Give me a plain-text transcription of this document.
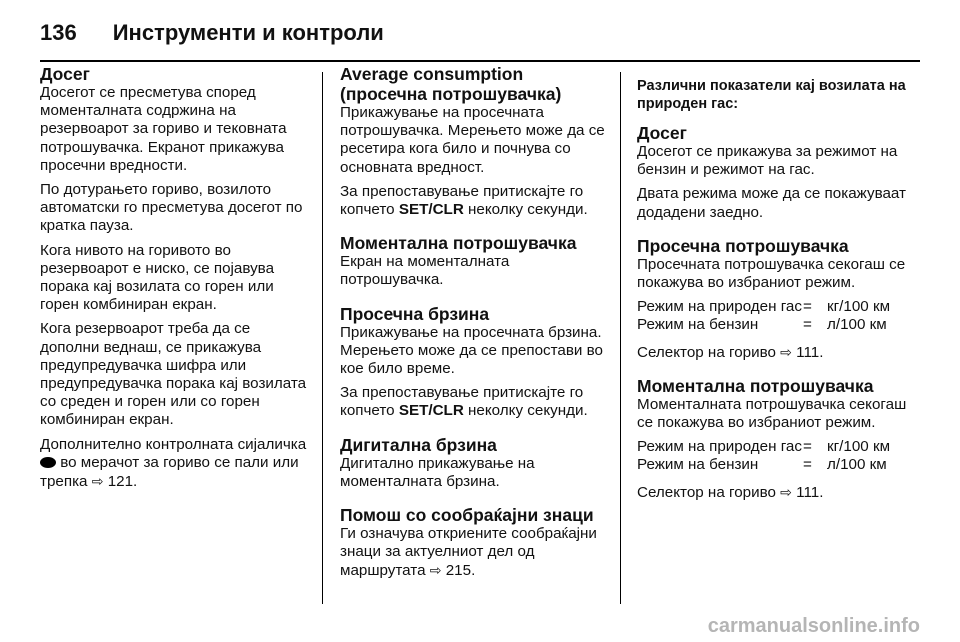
136 Инструменти и контроли
Досег

Досегот се пресметува според моменталната содржина на резервоарот за гориво и тековната потрошувачка. Екранот прикажува просечни вредности.

По дотурањето гориво, возилото автоматски го пресметува досегот по кратка пауза.

Кога нивото на горивото во резервоарот е ниско, се појавува порака кај возилата со горен или горен комбиниран екран.

Кога резервоарот треба да се дополни веднаш, се прикажува предупредувачка шифра или предупредувачка порака кај возилата со среден и горен или со горен комбиниран екран.

Дополнително контролната сијаличка  во мерачот за гориво се пали или трепка ⇨ 121.

Average consumption (просечна потрошувачка)

Прикажување на просечната потрошувачка. Мерењето може да се ресетира кога било и почнува со основната вредност.

За препоставување притискајте го копчето SET/CLR неколку секунди.

Моментална потрошувачка

Екран на моменталната потрошувачка.

Просечна брзина

Прикажување на просечната брзина. Мерењето може да се препостави во кое било време.

За препоставување притискајте го копчето SET/CLR неколку секунди.

Дигитална брзина

Дигитално прикажување на моменталната брзина.

Помош со сообраќајни знаци

Ги означува откриените сообраќајни знаци за актуелниот дел од маршрутата ⇨ 215.

Различни показатели кај возилата на природен гас:
Досег

Досегот се прикажува за режимот на бензин и режимот на гас.

Двата режима може да се покажуваат додадени заедно.

Просечна потрошувачка

Просечната потрошувачка секогаш се покажува во избраниот режим.

Режим на природен гас	=	кг/100 км
Режим на бензин	=	л/100 км

Селектор на гориво ⇨ 111.

Моментална потрошувачка

Моменталната потрошувачка секогаш се покажува во избраниот режим.

Режим на природен гас	=	кг/100 км
Режим на бензин	=	л/100 км

Селектор на гориво ⇨ 111.

carmanualsonline.info
